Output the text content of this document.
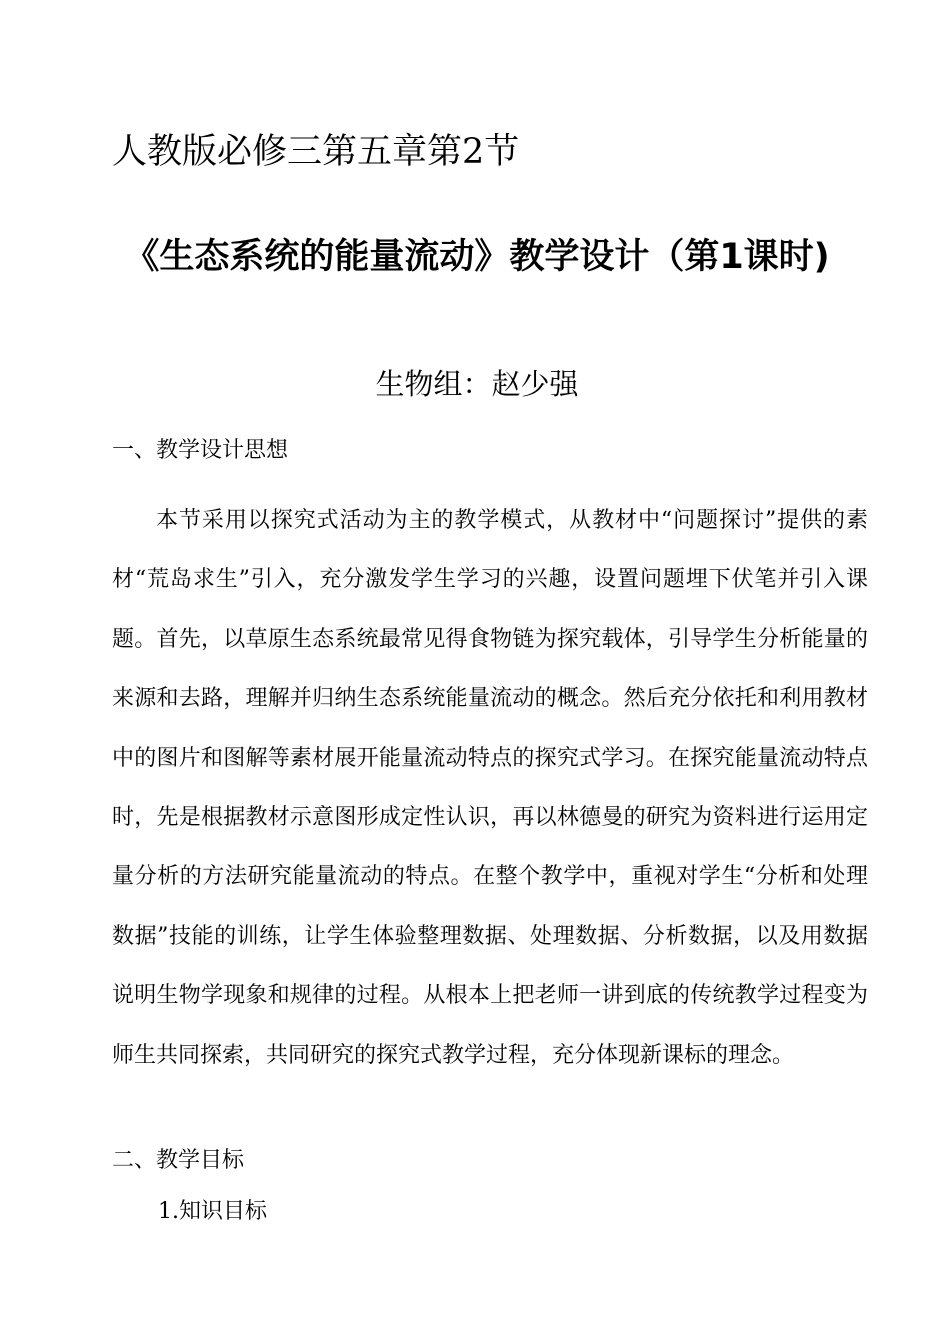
人教版必修三第五章第2节
《生态系统的能量流动》教学设计（第1课时)
生物组：赵少强
一、教学设计思想

本节采用以探究式活动为主的教学模式，从教材中“问题探讨”提供的素材“荒岛求生”引入，充分激发学生学习的兴趣，设置问题埋下伏笔并引入课题。首先，以草原生态系统最常见得食物链为探究载体，引导学生分析能量的来源和去路，理解并归纳生态系统能量流动的概念。然后充分依托和利用教材中的图片和图解等素材展开能量流动特点的探究式学习。在探究能量流动特点时，先是根据教材示意图形成定性认识，再以林德曼的研究为资料进行运用定量分析的方法研究能量流动的特点。在整个教学中，重视对学生“分析和处理数据”技能的训练，让学生体验整理数据、处理数据、分析数据，以及用数据说明生物学现象和规律的过程。从根本上把老师一讲到底的传统教学过程变为师生共同探索，共同研究的探究式教学过程，充分体现新课标的理念。

二、教学目标
1.知识目标
